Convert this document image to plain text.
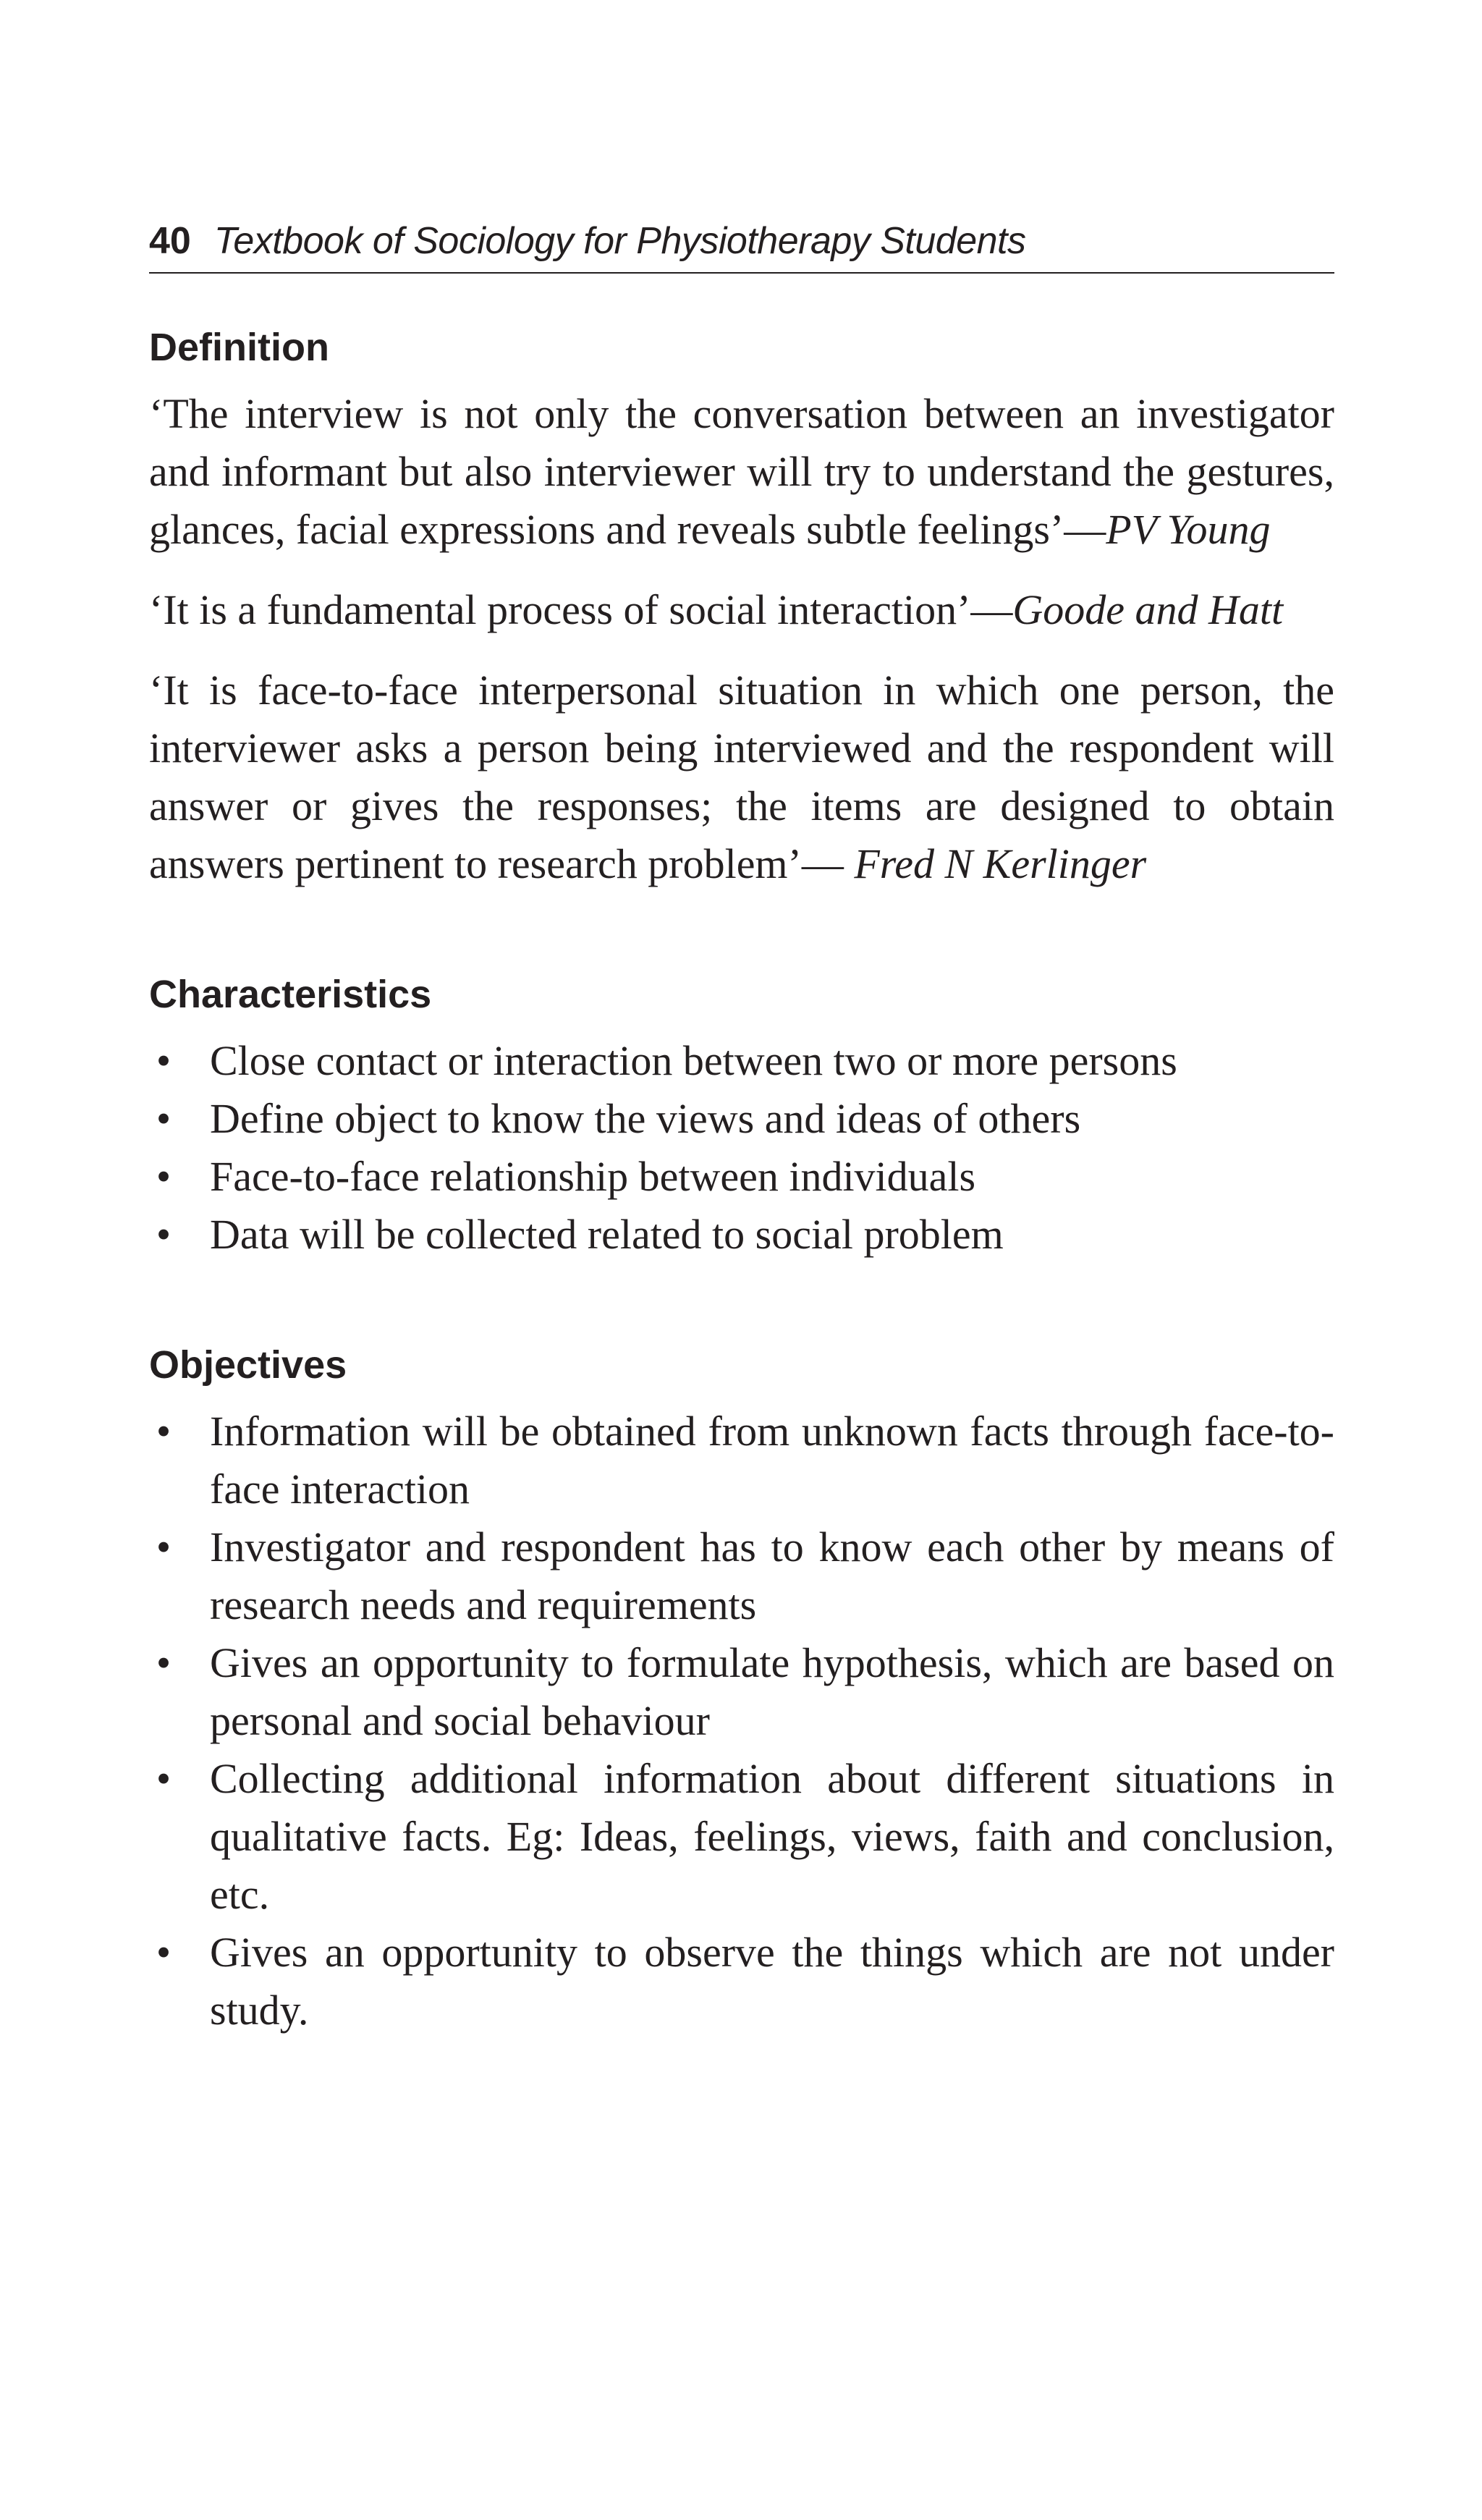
40 Textbook of Sociology for Physiotherapy Students
Definition

‘The interview is not only the conversation between an investigator and informant but also interviewer will try to understand the gestures, glances, facial expressions and reveals subtle feelings’—PV Young

‘It is a fundamental process of social interaction’—Goode and Hatt

‘It is face-to-face interpersonal situation in which one person, the interviewer asks a person being interviewed and the respondent will answer or gives the responses; the items are designed to obtain answers pertinent to research problem’— Fred N Kerlinger

Characteristics
• Close contact or interaction between two or more persons
• Define object to know the views and ideas of others
• Face-to-face relationship between individuals
• Data will be collected related to social problem
Objectives
• Information will be obtained from unknown facts through face-to-face interaction
• Investigator and respondent has to know each other by means of research needs and requirements
• Gives an opportunity to formulate hypothesis, which are based on personal and social behaviour
• Collecting additional information about different situations in qualitative facts. Eg: Ideas, feelings, views, faith and conclusion, etc.
• Gives an opportunity to observe the things which are not under study.
